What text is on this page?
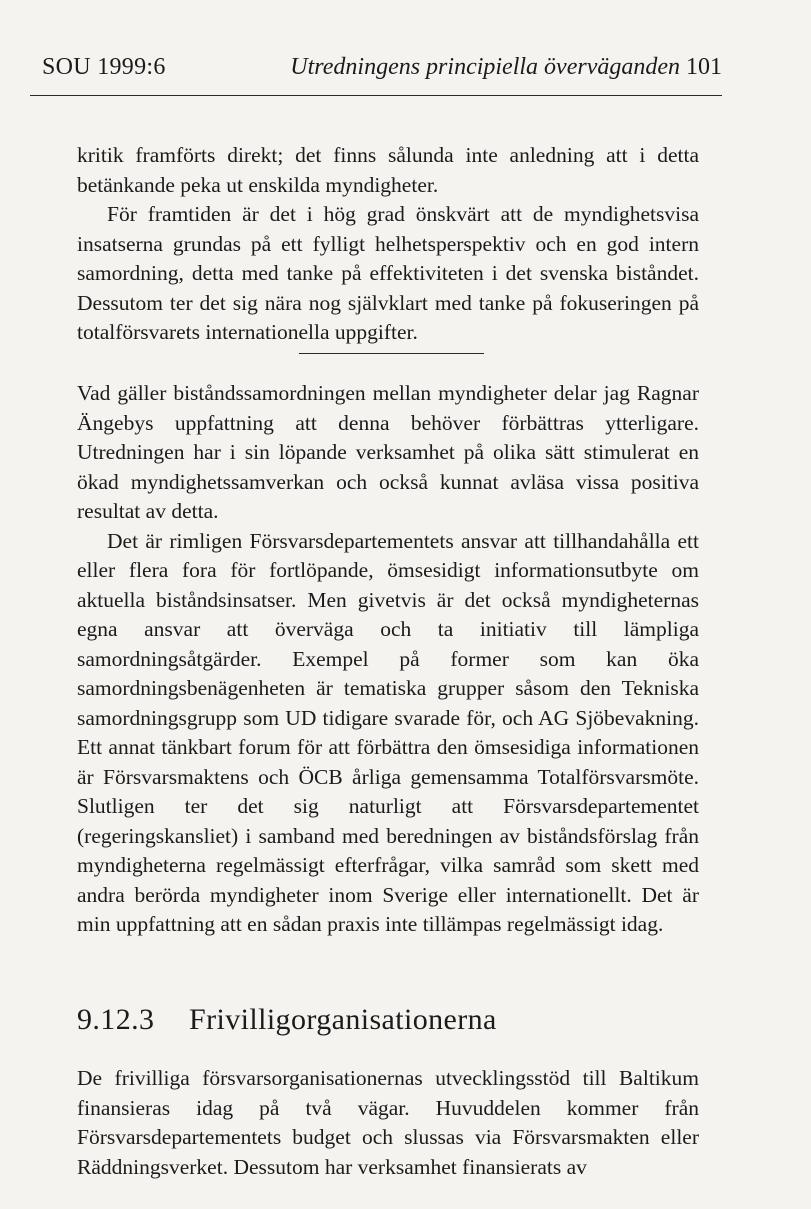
SOU 1999:6	Utredningens principiella överväganden 101

kritik framförts direkt; det finns sålunda inte anledning att i detta betänkande peka ut enskilda myndigheter.

För framtiden är det i hög grad önskvärt att de myndighetsvisa insatserna grundas på ett fylligt helhetsperspektiv och en god intern samordning, detta med tanke på effektiviteten i det svenska biståndet. Dessutom ter det sig nära nog självklart med tanke på fokuseringen på totalförsvarets internationella uppgifter.

Vad gäller biståndssamordningen mellan myndigheter delar jag Ragnar Ängebys uppfattning att denna behöver förbättras ytterligare. Utredningen har i sin löpande verksamhet på olika sätt stimulerat en ökad myndighetssamverkan och också kunnat avläsa vissa positiva resultat av detta.

Det är rimligen Försvarsdepartementets ansvar att tillhandahålla ett eller flera fora för fortlöpande, ömsesidigt informationsutbyte om aktuella biståndsinsatser. Men givetvis är det också myndigheternas egna ansvar att överväga och ta initiativ till lämpliga samordningsåtgärder. Exempel på former som kan öka samordningsbenägenheten är tematiska grupper såsom den Tekniska samordningsgrupp som UD tidigare svarade för, och AG Sjöbevakning. Ett annat tänkbart forum för att förbättra den ömsesidiga informationen är Försvarsmaktens och ÖCB årliga gemensamma Totalförsvarsmöte. Slutligen ter det sig naturligt att Försvarsdepartementet (regeringskansliet) i samband med beredningen av biståndsförslag från myndigheterna regelmässigt efterfrågar, vilka samråd som skett med andra berörda myndigheter inom Sverige eller internationellt. Det är min uppfattning att en sådan praxis inte tillämpas regelmässigt idag.

9.12.3 Frivilligorganisationerna

De frivilliga försvarsorganisationernas utvecklingsstöd till Baltikum finansieras idag på två vägar. Huvuddelen kommer från Försvarsdepartementets budget och slussas via Försvarsmakten eller Räddningsverket. Dessutom har verksamhet finansierats av
